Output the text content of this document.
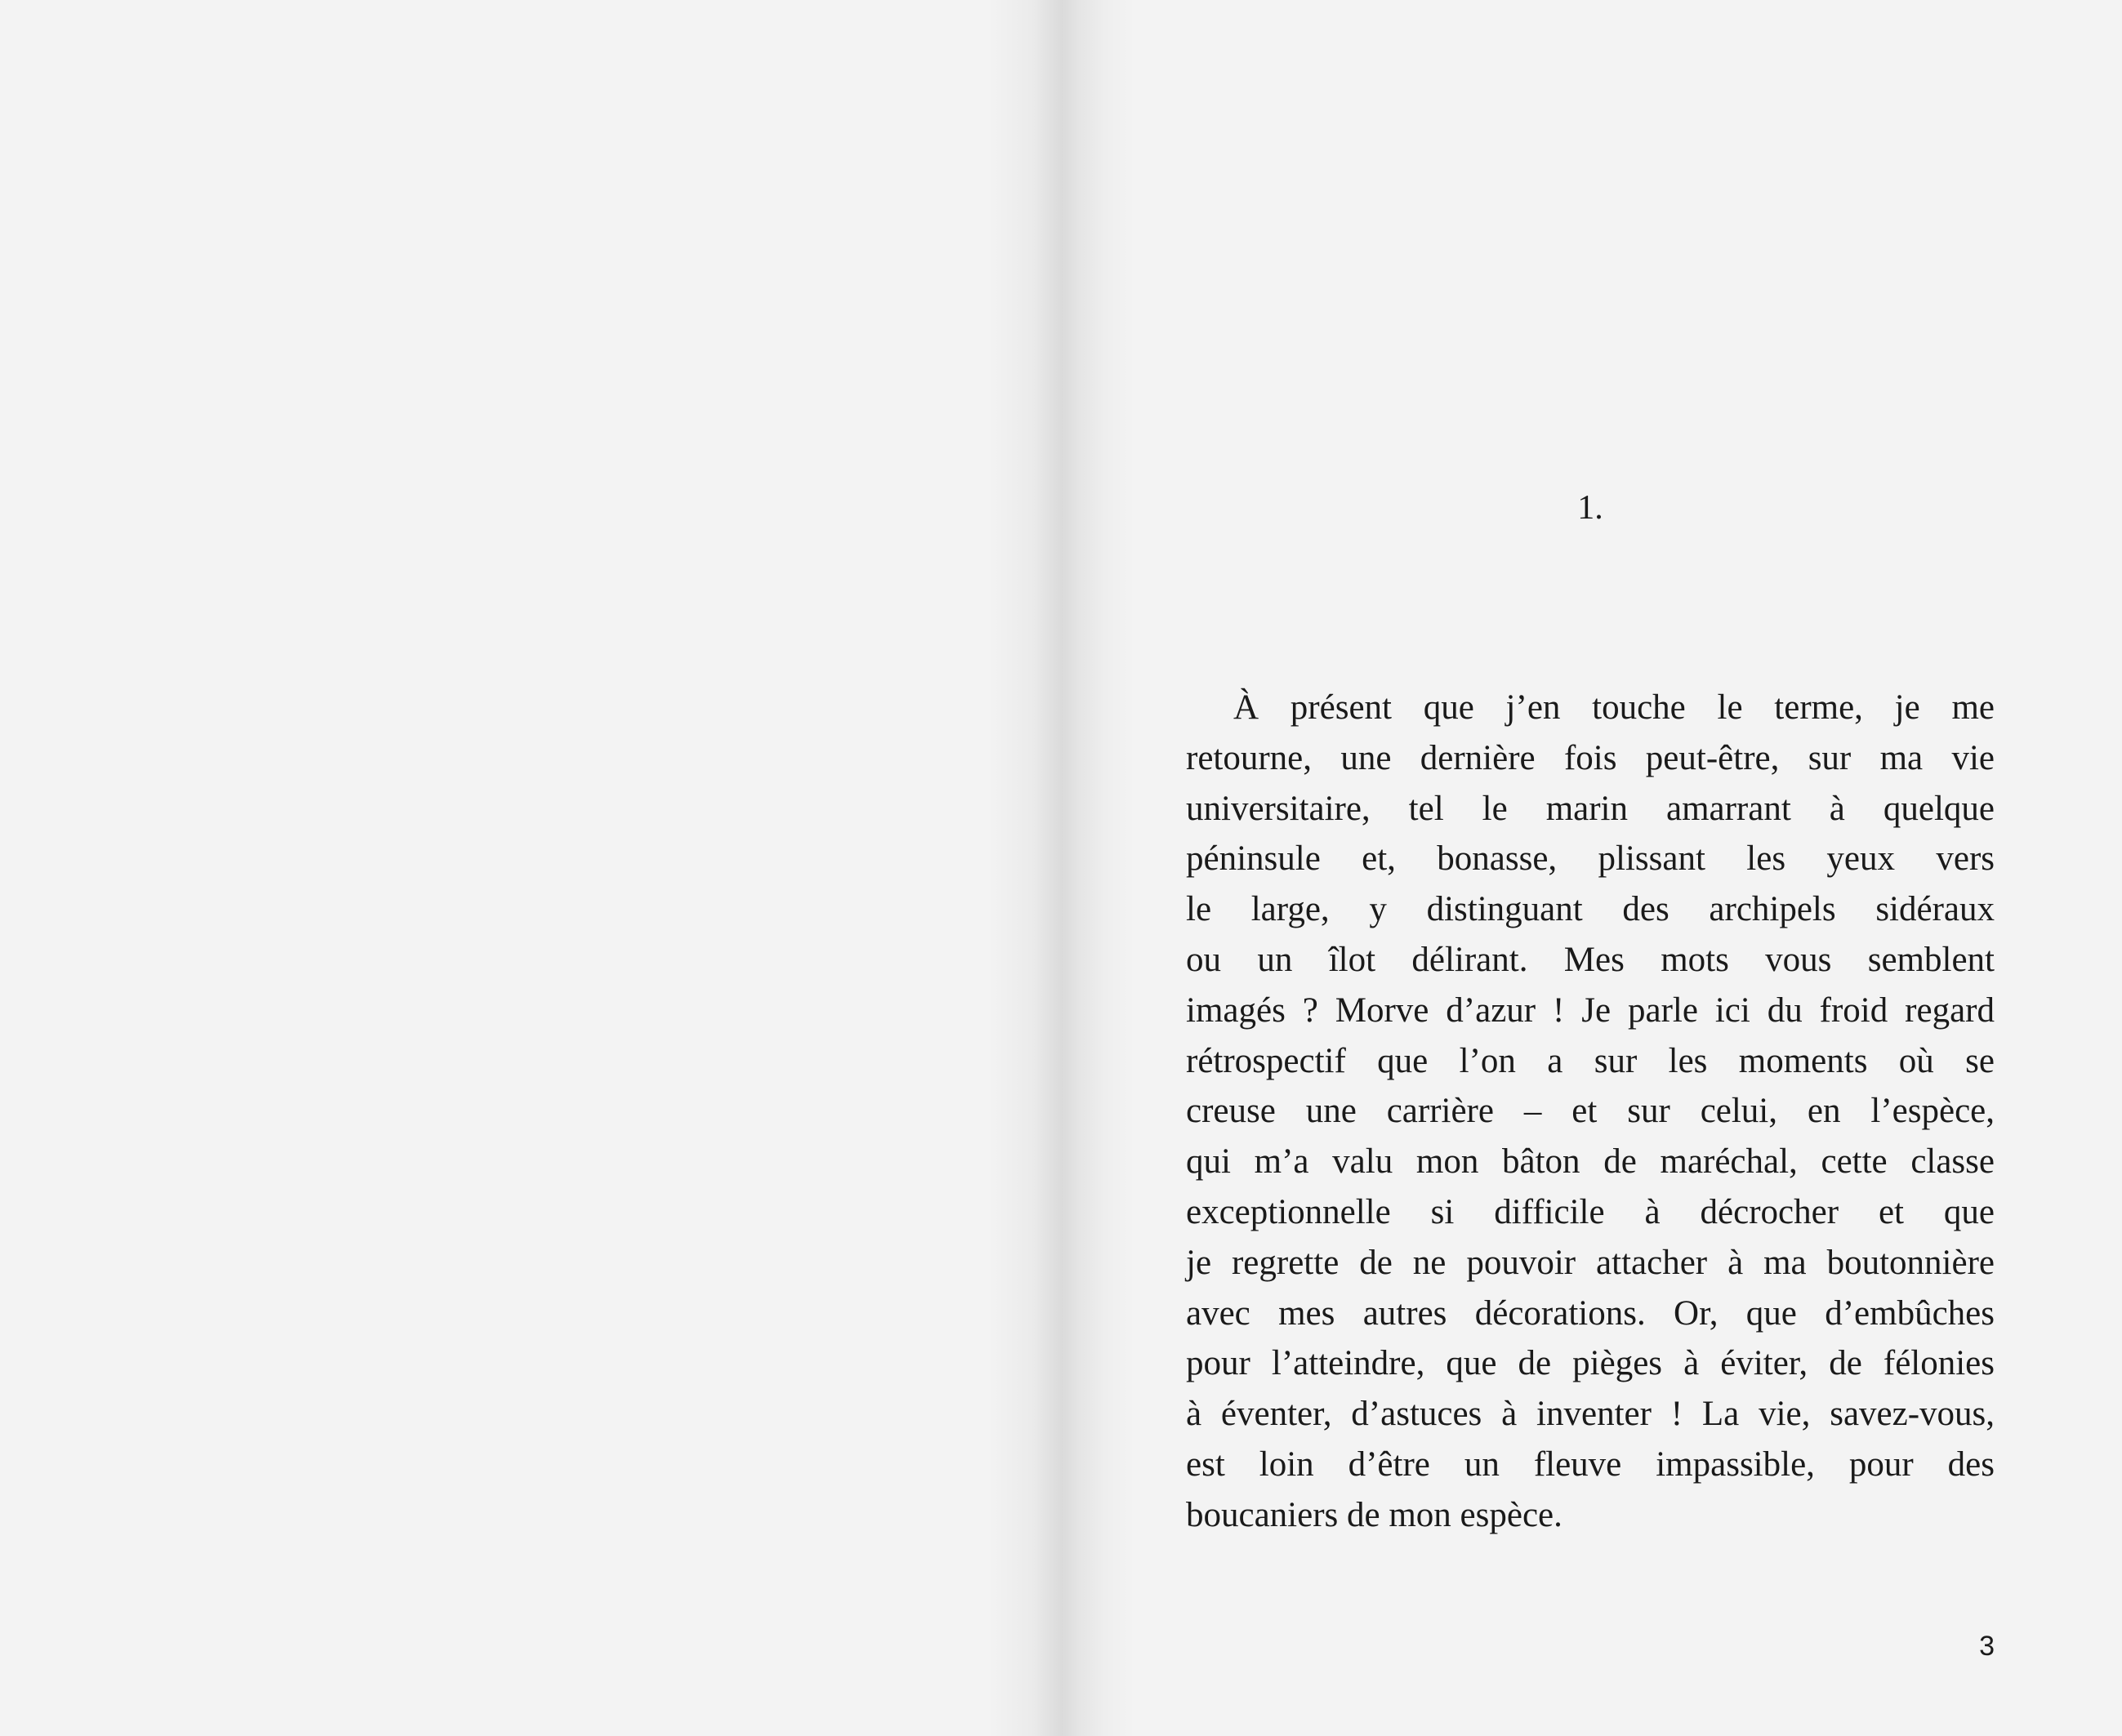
1.
À présent que j’en touche le terme, je me
retourne, une dernière fois peut-être, sur ma vie
universitaire, tel le marin amarrant à quelque
péninsule et, bonasse, plissant les yeux vers
le large, y distinguant des archipels sidéraux
ou un îlot délirant. Mes mots vous semblent
imagés ? Morve d’azur ! Je parle ici du froid regard
rétrospectif que l’on a sur les moments où se
creuse une carrière – et sur celui, en l’espèce,
qui m’a valu mon bâton de maréchal, cette classe
exceptionnelle si difficile à décrocher et que
je regrette de ne pouvoir attacher à ma boutonnière
avec mes autres décorations. Or, que d’embûches
pour l’atteindre, que de pièges à éviter, de félonies
à éventer, d’astuces à inventer ! La vie, savez-vous,
est loin d’être un fleuve impassible, pour des
boucaniers de mon espèce.
3
